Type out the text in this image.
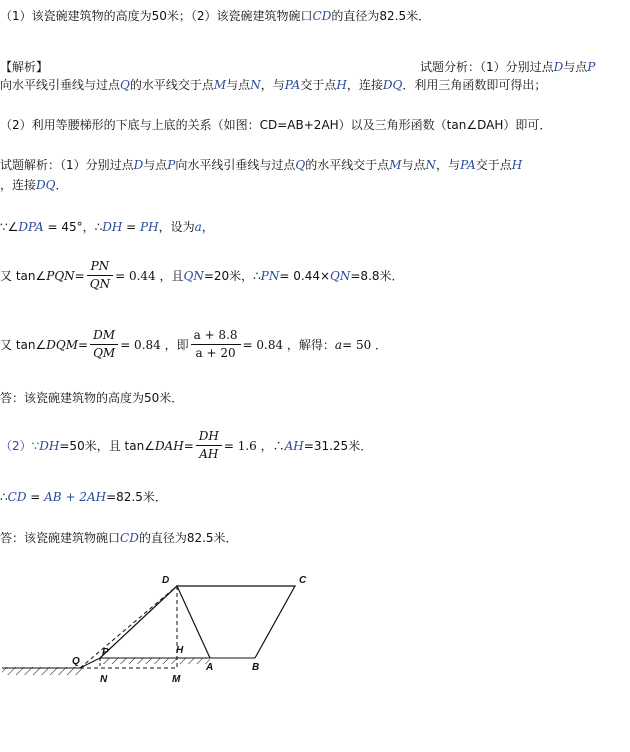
（1）该瓷碗建筑物的高度为50米；（2）该瓷碗建筑物碗口CD的直径为82.5米．
【解析】	试题分析：（1）分别过点D与点P
向水平线引垂线与过点Q的水平线交于点M与点N，与PA交于点H，连接DQ．利用三角函数即可得出；
（2）利用等腰梯形的下底与上底的关系（如图：CD=AB+2AH）以及三角形函数（tan∠DAH）即可．
试题解析：（1）分别过点D与点P向水平线引垂线与过点Q的水平线交于点M与点N，与PA交于点H
，连接DQ．
∵∠DPA = 45°，∴DH = PH，设为a，
又 tan∠PQN= $\frac{PN}{QN} = 0.44$ ，且QN=20米，∴PN= 0.44×QN=8.8米．
又 tan∠DQM= $\frac{DM}{QM} = 0.84$ ，即 $\frac{a + 8.8}{a + 20} = 0.84$ ，解得：a= 50 ．
答：该瓷碗建筑物的高度为50米．
（2）∵DH=50米，且 tan∠DAH= $\frac{DH}{AH} = 1.6$ ，∴AH=31.25米．
∴CD = AB + 2AH=82.5米．
答：该瓷碗建筑物碗口CD的直径为82.5米．
D	C
Q
P	H
A	B
N	M
